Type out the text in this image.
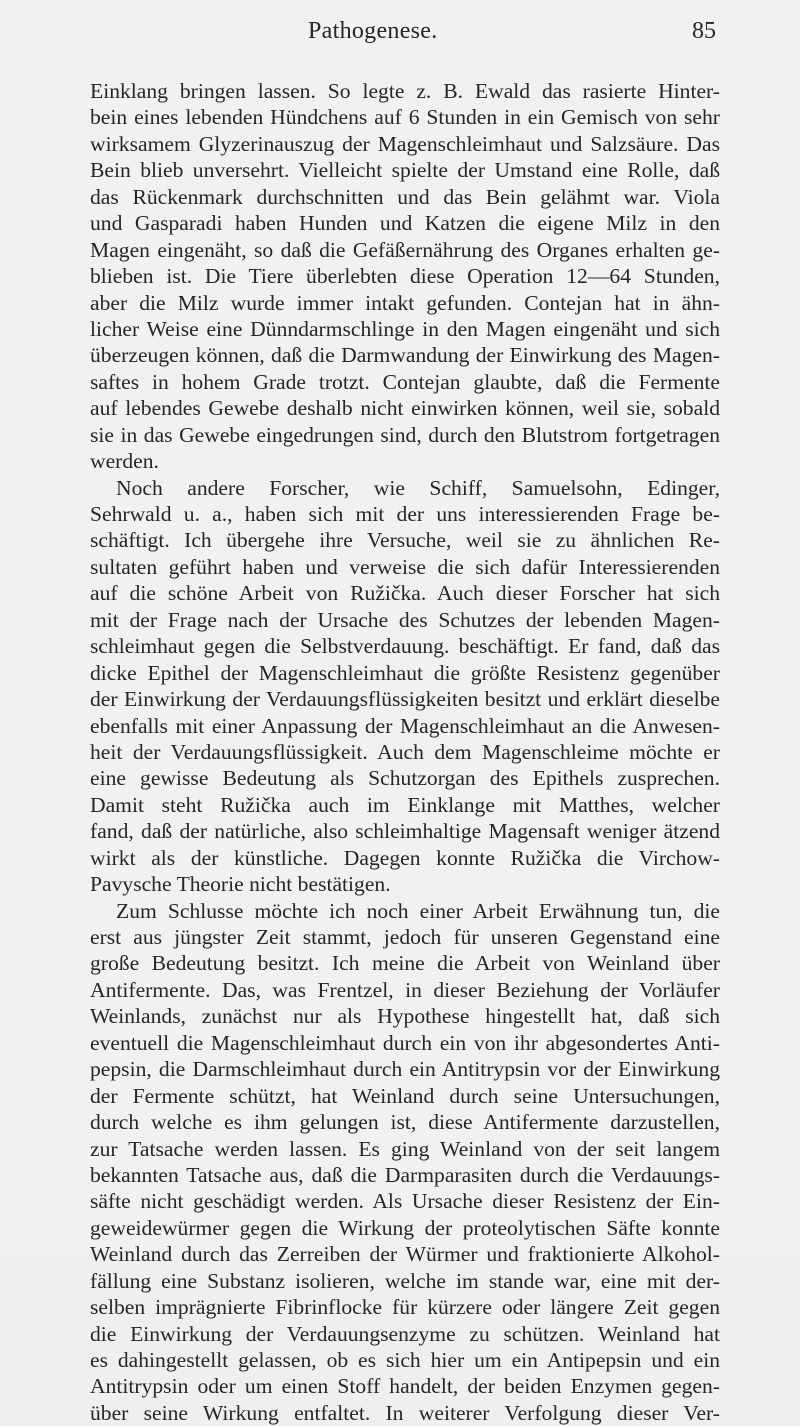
Pathogenese.	85
Einklang bringen lassen. So legte z. B. Ewald das rasierte Hinter-
bein eines lebenden Hündchens auf 6 Stunden in ein Gemisch von sehr
wirksamem Glyzerinauszug der Magenschleimhaut und Salzsäure. Das
Bein blieb unversehrt. Vielleicht spielte der Umstand eine Rolle, daß
das Rückenmark durchschnitten und das Bein gelähmt war. Viola
und Gasparadi haben Hunden und Katzen die eigene Milz in den
Magen eingenäht, so daß die Gefäßernährung des Organes erhalten ge-
blieben ist. Die Tiere überlebten diese Operation 12—64 Stunden,
aber die Milz wurde immer intakt gefunden. Contejan hat in ähn-
licher Weise eine Dünndarmschlinge in den Magen eingenäht und sich
überzeugen können, daß die Darmwandung der Einwirkung des Magen-
saftes in hohem Grade trotzt. Contejan glaubte, daß die Fermente
auf lebendes Gewebe deshalb nicht einwirken können, weil sie, sobald
sie in das Gewebe eingedrungen sind, durch den Blutstrom fortgetragen
werden.
Noch andere Forscher, wie Schiff, Samuelsohn, Edinger,
Sehrwald u. a., haben sich mit der uns interessierenden Frage be-
schäftigt. Ich übergehe ihre Versuche, weil sie zu ähnlichen Re-
sultaten geführt haben und verweise die sich dafür Interessierenden
auf die schöne Arbeit von Ružička. Auch dieser Forscher hat sich
mit der Frage nach der Ursache des Schutzes der lebenden Magen-
schleimhaut gegen die Selbstverdauung. beschäftigt. Er fand, daß das
dicke Epithel der Magenschleimhaut die größte Resistenz gegenüber
der Einwirkung der Verdauungsflüssigkeiten besitzt und erklärt dieselbe
ebenfalls mit einer Anpassung der Magenschleimhaut an die Anwesen-
heit der Verdauungsflüssigkeit. Auch dem Magenschleime möchte er
eine gewisse Bedeutung als Schutzorgan des Epithels zusprechen.
Damit steht Ružička auch im Einklange mit Matthes, welcher
fand, daß der natürliche, also schleimhaltige Magensaft weniger ätzend
wirkt als der künstliche. Dagegen konnte Ružička die Virchow-
Pavysche Theorie nicht bestätigen.
Zum Schlusse möchte ich noch einer Arbeit Erwähnung tun, die
erst aus jüngster Zeit stammt, jedoch für unseren Gegenstand eine
große Bedeutung besitzt. Ich meine die Arbeit von Weinland über
Antifermente. Das, was Frentzel, in dieser Beziehung der Vorläufer
Weinlands, zunächst nur als Hypothese hingestellt hat, daß sich
eventuell die Magenschleimhaut durch ein von ihr abgesondertes Anti-
pepsin, die Darmschleimhaut durch ein Antitrypsin vor der Einwirkung
der Fermente schützt, hat Weinland durch seine Untersuchungen,
durch welche es ihm gelungen ist, diese Antifermente darzustellen,
zur Tatsache werden lassen. Es ging Weinland von der seit langem
bekannten Tatsache aus, daß die Darmparasiten durch die Verdauungs-
säfte nicht geschädigt werden. Als Ursache dieser Resistenz der Ein-
geweidewürmer gegen die Wirkung der proteolytischen Säfte konnte
Weinland durch das Zerreiben der Würmer und fraktionierte Alkohol-
fällung eine Substanz isolieren, welche im stande war, eine mit der-
selben imprägnierte Fibrinflocke für kürzere oder längere Zeit gegen
die Einwirkung der Verdauungsenzyme zu schützen. Weinland hat
es dahingestellt gelassen, ob es sich hier um ein Antipepsin und ein
Antitrypsin oder um einen Stoff handelt, der beiden Enzymen gegen-
über seine Wirkung entfaltet. In weiterer Verfolgung dieser Ver-
